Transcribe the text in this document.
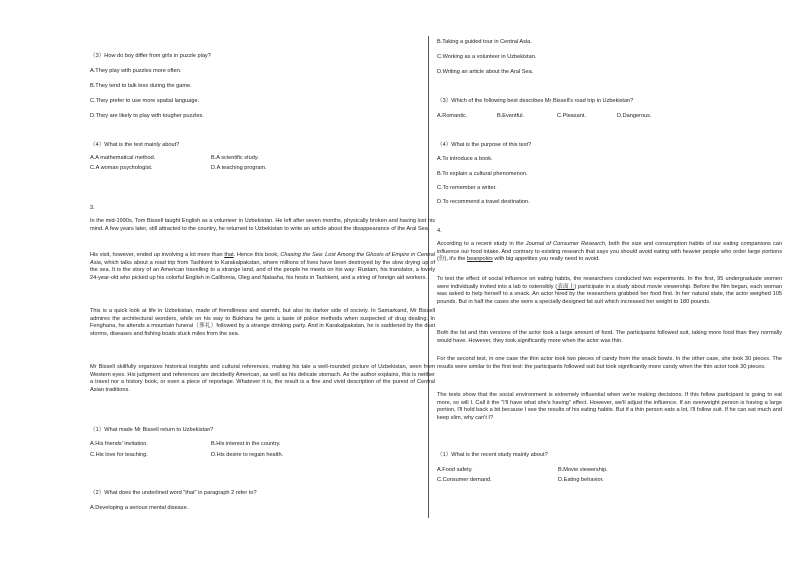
（3）How do boy differ from girls in puzzle play?
A.They play with puzzles more often.
B.They tend to talk less during the game.
C.They prefer to use more spatial language.
D.They are likely to play with tougher puzzles.
（4）What is the text mainly about?
A.A mathematical method.	B.A scientific study.
C.A woman psychologist.	D.A teaching program.
3.
In the mid-1990s, Tom Bissell taught English as a volunteer in Uzbekistan. He left after seven months, physically broken and having lost his mind. A few years later, still attracted to the country, he returned to Uzbekistan to write an article about the disappearance of the Aral Sea.
His visit, however, ended up involving a lot more than that. Hence this book, Chasing the Sea: Lost Among the Ghosts of Empire in Central Asia, which talks about a road trip from Tashkent to Karakalpakstan, where millions of lives have been destroyed by the slow drying up of the sea. It is the story of an American travelling to a strange land, and of the people he meets on his way: Rustam, his translator, a lovely 24-year-old who picked up his colorful English in California, Oleg and Natasha, his hosts in Tashkent, and a string of foreign aid workers.
This is a quick look at life in Uzbekistan, made of friendliness and warmth, but also its darker side of society. In Samarkand, Mr Bissell admires the architectural wonders, while on his way to Bukhara he gets a taste of police methods when suspected of drug dealing. In Fenghana, he attends a mountain funeral（葬礼）followed by a strange drinking party. And in Karakalpakstan, he is saddened by the dust storms, diseases and fishing boats stuck miles from the sea.
Mr Bissell skillfully organizes historical insights and cultural references, making his tale a well-rounded picture of Uzbekistan, seen from Western eyes. His judgment and references are decidedly American, as well as his delicate stomach. As the author explains, this is neither a travel nor a history book, or even a piece of reportage. Whatever it is, the result is a fine and vivid description of the purest of Central Asian traditions.
（1）What made Mr Bissell return to Uzbekistan?
A.His friends' invitation.	B.His interest in the country.
C.His love for teaching.	D.His desire to regain health.
（2）What does the underlined word "that" in paragraph 2 refer to?
A.Developing a serious mental disease.
B.Taking a guided tour in Central Asia.
C.Working as a volunteer in Uzbekistan.
D.Writing an article about the Aral Sea.
（3）Which of the following best describes Mr Bissell's road trip in Uzbekistan?
A.Romantic.	B.Eventful.	C.Pleasant.	D.Dangerous.
（4）What is the purpose of this text?
A.To introduce a book.
B.To explain a cultural phenomenon.
C.To remember a writer.
D.To recommend a travel destination.
4.
According to a recent study in the Journal of Consumer Research, both the size and consumption habits of our eating companions can influence our food intake. And contrary to existing research that says you should avoid eating with heavier people who order large portions (份), it's the beanpoles with big appetites you really need to avoid.
To test the effect of social influence on eating habits, the researchers conducted two experiments. In the first, 95 undergraduate women were individually invited into a lab to ostensibly (表面上) participate in a study about movie viewership. Before the film began, each woman was asked to help herself to a snack. An actor hired by the researchers grabbed her food first. In her natural state, the actor weighed 105 pounds. But in half the cases she wore a specially designed fat suit which increased her weight to 180 pounds.
Both the fat and thin versions of the actor took a large amount of food. The participants followed suit, taking more food than they normally would have. However, they took significantly more when the actor was thin.
For the second test, in one case the thin actor took two pieces of candy from the snack bowls. In the other case, she took 30 pieces. The results were similar to the first test: the participants followed suit but took significantly more candy when the thin actor took 30 pieces.
The tests show that the social environment is extremely influential when we're making decisions. If this fellow participant is going to eat more, so will I. Call it the "I'll have what she's having" effect. However, we'll adjust the influence. If an overweight person is having a large portion, I'll hold back a bit because I see the results of his eating habits. But if a thin person eats a lot, I'll follow suit. If he can eat much and keep slim, why can't I?
（1）What is the recent study mainly about?
A.Food safety.	B.Movie viewership.
C.Consumer demand.	D.Eating behavior.
